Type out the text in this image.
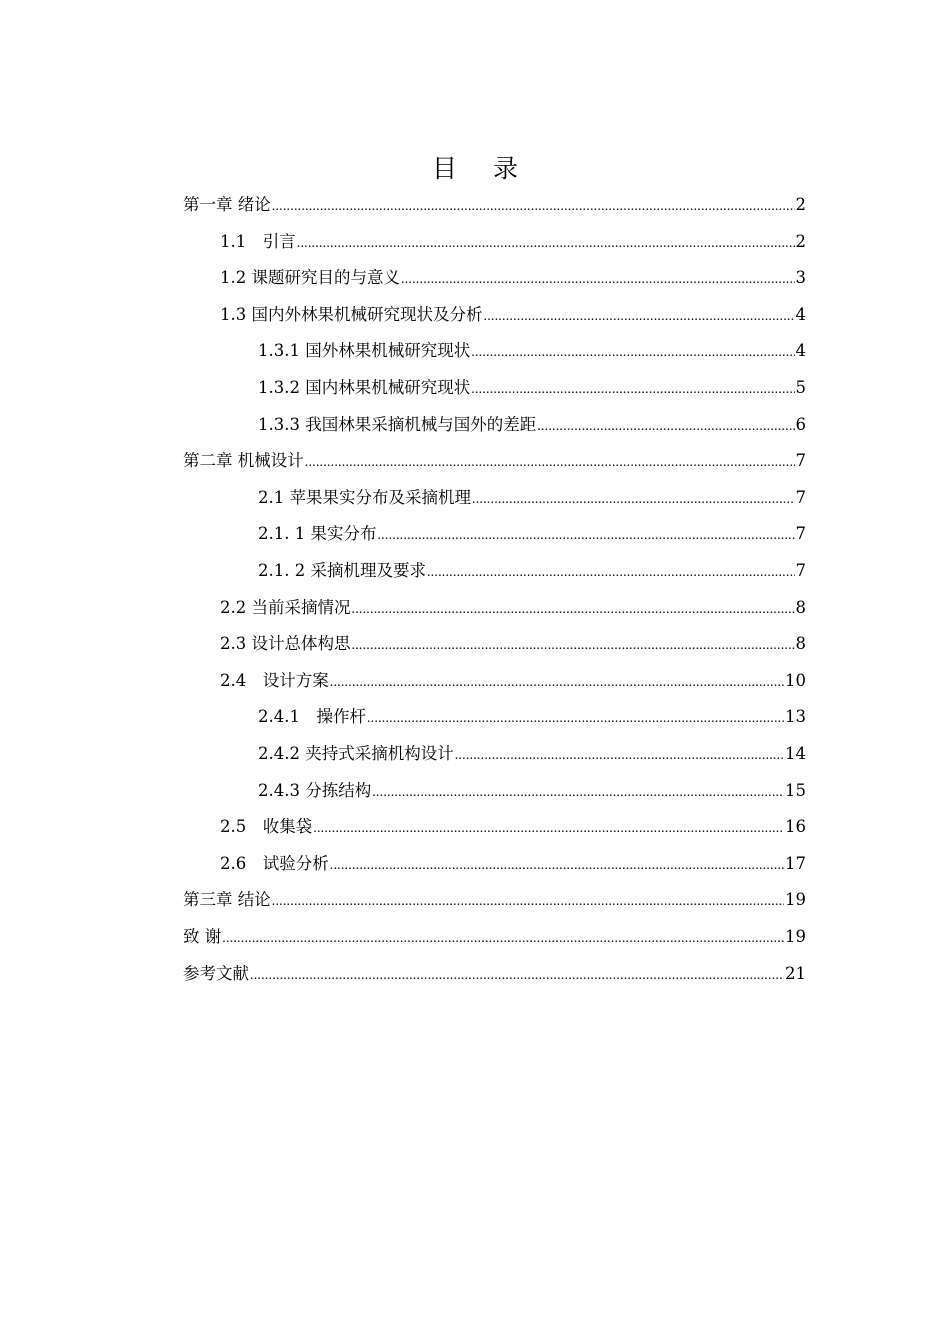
目 录
第一章 绪论 .....	2
1.1　引言 .....	2
1.2 课题研究目的与意义 .....	3
1.3 国内外林果机械研究现状及分析 .....	4
1.3.1 国外林果机械研究现状 .....	4
1.3.2 国内林果机械研究现状 .....	5
1.3.3 我国林果采摘机械与国外的差距 .....	6
第二章 机械设计 .....	7
2.1 苹果果实分布及采摘机理 .....	7
2.1. 1 果实分布 .....	7
2.1. 2 采摘机理及要求 .....	7
2.2 当前采摘情况 .....	8
2.3 设计总体构思 .....	8
2.4　设计方案 .....	10
2.4.1　操作杆 .....	13
2.4.2 夹持式采摘机构设计 .....	14
2.4.3 分拣结构 .....	15
2.5　收集袋 .....	16
2.6　试验分析 .....	17
第三章 结论 .....	19
致 谢 .....	19
参考文献 .....	21
